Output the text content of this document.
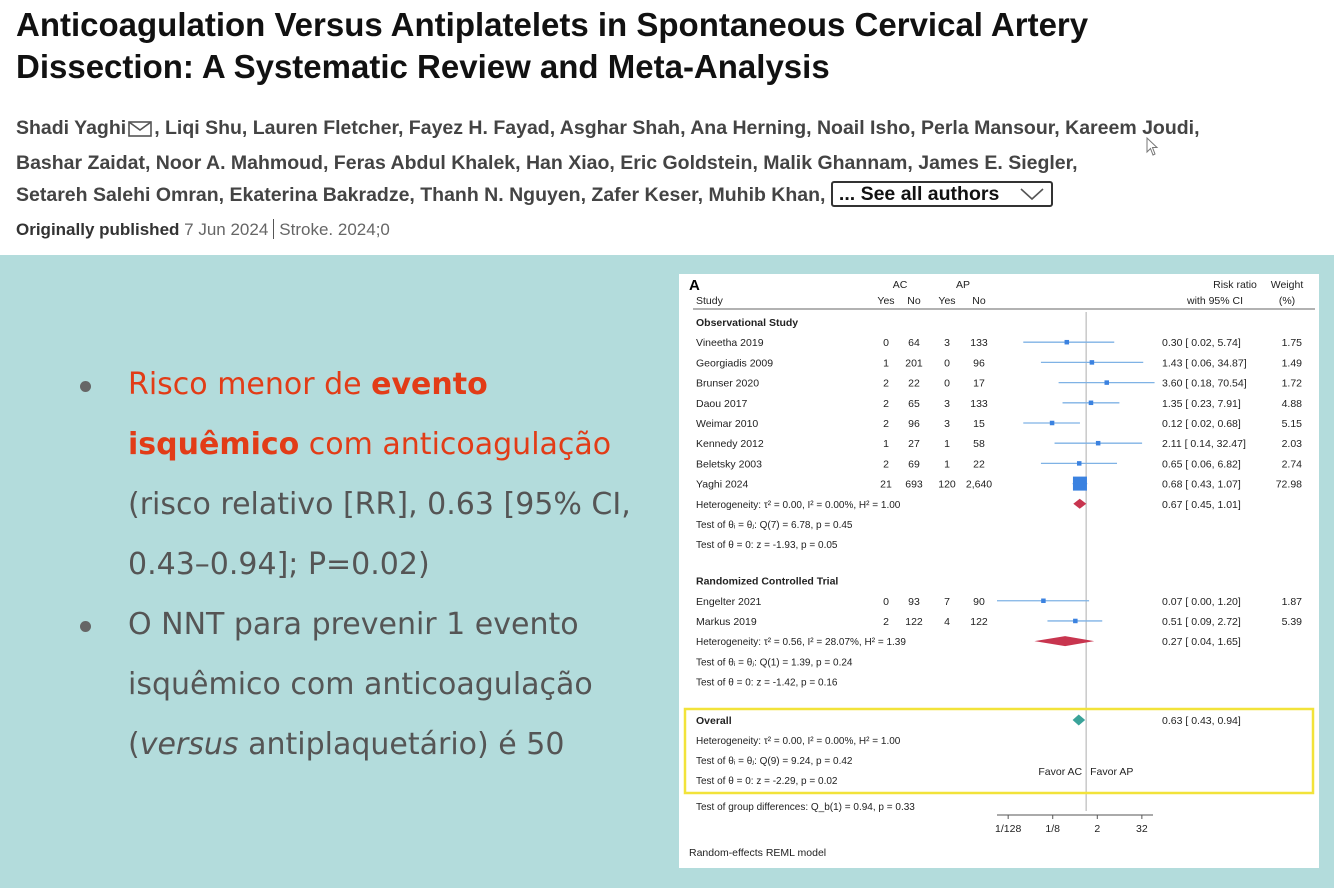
Anticoagulation Versus Antiplatelets in Spontaneous Cervical Artery
Dissection: A Systematic Review and Meta-Analysis
Shadi Yaghi , Liqi Shu, Lauren Fletcher, Fayez H. Fayad, Asghar Shah, Ana Herning, Noail Isho, Perla Mansour, Kareem Joudi,
Bashar Zaidat, Noor A. Mahmoud, Feras Abdul Khalek, Han Xiao, Eric Goldstein, Malik Ghannam, James E. Siegler,
Setareh Salehi Omran, Ekaterina Bakradze, Thanh N. Nguyen, Zafer Keser, Muhib Khan, ... See all authors
Originally published 7 Jun 2024 Stroke. 2024;0
Risco menor de evento
isquêmico com anticoagulação
(risco relativo [RR], 0.63 [95% CI,
0.43–0.94]; P=0.02)
O NNT para prevenir 1 evento
isquêmico com anticoagulação
(versus antiplaquetário) é 50
A	AC	AP	Risk ratio Weight
Study	Yes No Yes No	with 95% CI	(%)
Observational Study
Vineetha 2019	0 64 3 133	0.30 [ 0.02, 5.74]	1.75
Georgiadis 2009	1 201 0 96	1.43 [ 0.06, 34.87]	1.49
Brunser 2020	2 22 0 17	3.60 [ 0.18, 70.54]	1.72
Daou 2017	2 65 3 133	1.35 [ 0.23, 7.91]	4.88
Weimar 2010	2 96 3 15	0.12 [ 0.02, 0.68]	5.15
Kennedy 2012	1 27 1 58	2.11 [ 0.14, 32.47]	2.03
Beletsky 2003	2 69 1 22	0.65 [ 0.06, 6.82]	2.74
Yaghi 2024	21 693 120 2,640	0.68 [ 0.43, 1.07]	72.98
Heterogeneity: τ² = 0.00, I² = 0.00%, H² = 1.00	0.67 [ 0.45, 1.01]
Test of θᵢ = θⱼ: Q(7) = 6.78, p = 0.45
Test of θ = 0: z = -1.93, p = 0.05
Randomized Controlled Trial
Engelter 2021	0 93 7 90	0.07 [ 0.00, 1.20]	1.87
Markus 2019	2 122 4 122	0.51 [ 0.09, 2.72]	5.39
Heterogeneity: τ² = 0.56, I² = 28.07%, H² = 1.39	0.27 [ 0.04, 1.65]
Test of θᵢ = θⱼ: Q(1) = 1.39, p = 0.24
Test of θ = 0: z = -1.42, p = 0.16
Overall	0.63 [ 0.43, 0.94]
Heterogeneity: τ² = 0.00, I² = 0.00%, H² = 1.00
Test of θᵢ = θⱼ: Q(9) = 9.24, p = 0.42
Test of θ = 0: z = -2.29, p = 0.02
Favor AC Favor AP
Test of group differences: Q_b(1) = 0.94, p = 0.33
1/128 1/8	2	32
Random-effects REML model
